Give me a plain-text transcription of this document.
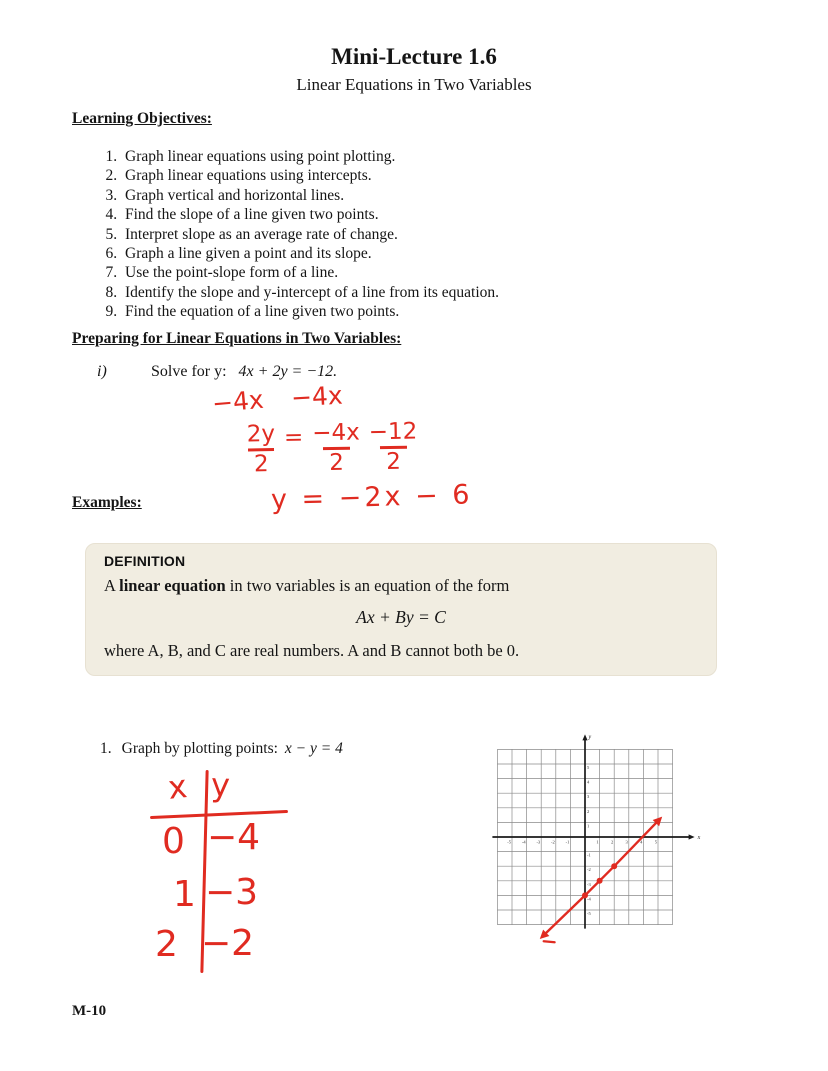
Mini-Lecture 1.6
Linear Equations in Two Variables
Learning Objectives:
1. Graph linear equations using point plotting.
2. Graph linear equations using intercepts.
3. Graph vertical and horizontal lines.
4. Find the slope of a line given two points.
5. Interpret slope as an average rate of change.
6. Graph a line given a point and its slope.
7. Use the point-slope form of a line.
8. Identify the slope and y-intercept of a line from its equation.
9. Find the equation of a line given two points.
Preparing for Linear Equations in Two Variables:
i)	Solve for y: 4x + 2y = −12.
−4x −4x
$\frac{2y}{2} = \frac{-4x}{2} \frac{-12}{2}$
y = −2x − 6
Examples:
DEFINITION
A linear equation in two variables is an equation of the form
Ax + By = C
where A, B, and C are real numbers. A and B cannot both be 0.
1. Graph by plotting points: x − y = 4
x y
0 −4
1 −3
2 −2
x
y
-5 -4 -3 -2 -1	1	2	3	4	5
-5
-4
-3
-2
-1
1
2
3
4
5
M-10
